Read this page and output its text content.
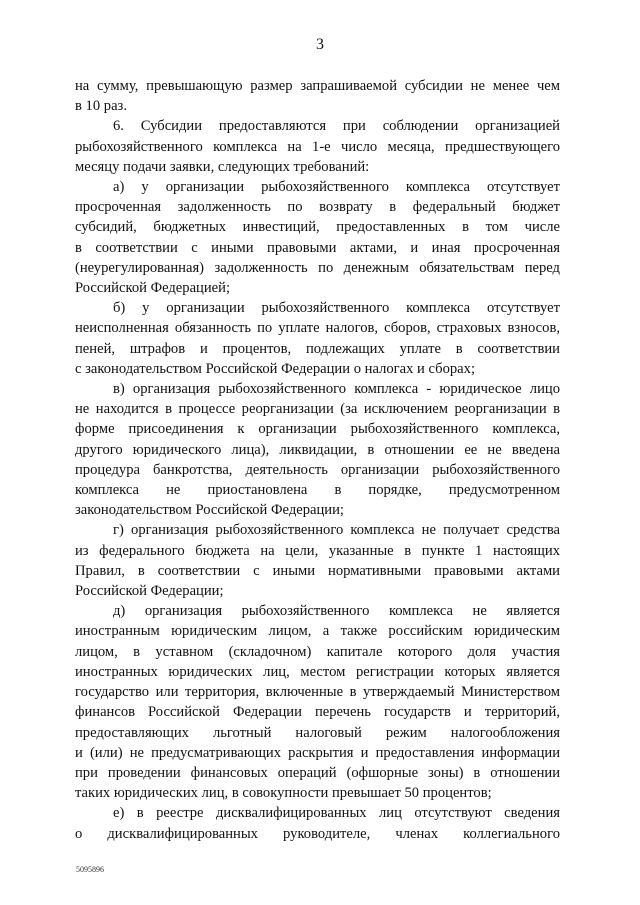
3

на сумму, превышающую размер запрашиваемой субсидии не менее чем
в 10 раз.

6. Субсидии предоставляются при соблюдении организацией
рыбохозяйственного комплекса на 1-е число месяца, предшествующего
месяцу подачи заявки, следующих требований:

а) у организации рыбохозяйственного комплекса отсутствует
просроченная задолженность по возврату в федеральный бюджет
субсидий, бюджетных инвестиций, предоставленных в том числе
в соответствии с иными правовыми актами, и иная просроченная
(неурегулированная) задолженность по денежным обязательствам перед
Российской Федерацией;

б) у организации рыбохозяйственного комплекса отсутствует
неисполненная обязанность по уплате налогов, сборов, страховых взносов,
пеней, штрафов и процентов, подлежащих уплате в соответствии
с законодательством Российской Федерации о налогах и сборах;

в) организация рыбохозяйственного комплекса - юридическое лицо
не находится в процессе реорганизации (за исключением реорганизации в
форме присоединения к организации рыбохозяйственного комплекса,
другого юридического лица), ликвидации, в отношении ее не введена
процедура банкротства, деятельность организации рыбохозяйственного
комплекса не приостановлена в порядке, предусмотренном
законодательством Российской Федерации;

г) организация рыбохозяйственного комплекса не получает средства
из федерального бюджета на цели, указанные в пункте 1 настоящих
Правил, в соответствии с иными нормативными правовыми актами
Российской Федерации;

д) организация рыбохозяйственного комплекса не является
иностранным юридическим лицом, а также российским юридическим
лицом, в уставном (складочном) капитале которого доля участия
иностранных юридических лиц, местом регистрации которых является
государство или территория, включенные в утверждаемый Министерством
финансов Российской Федерации перечень государств и территорий,
предоставляющих льготный налоговый режим налогообложения
и (или) не предусматривающих раскрытия и предоставления информации
при проведении финансовых операций (офшорные зоны) в отношении
таких юридических лиц, в совокупности превышает 50 процентов;

е) в реестре дисквалифицированных лиц отсутствуют сведения
о дисквалифицированных руководителе, членах коллегиального

5095896
